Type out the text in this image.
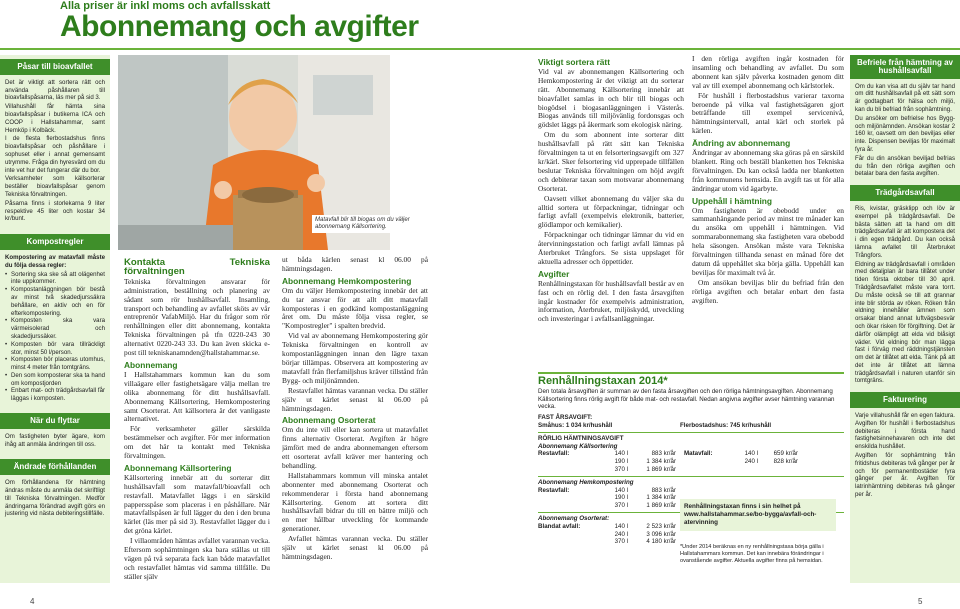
Alla priser är inkl moms och avfallsskatt
Abonnemang och avgifter
Påsar till bioavfallet

Det är viktigt att sortera rätt och använda påshållaren till bioavfallspåsarna, läs mer på sid 3.

Villahushåll får hämta sina bioavfallspåsar i butikerna ICA och COOP i Hallstahammar, samt Hemköp i Kolbäck.

I de flesta flerbostadshus finns bioavfallspåsar och påshållare i sophuset eller i annat gemensamt utrymme. Fråga din hyresvärd om du inte vet hur det fungerar där du bor.

Verksamheter som källsorterar beställer bioavfallspåsar genom Tekniska förvaltningen.

Påsarna finns i storlekarna 9 liter respektive 45 liter och kostar 34 kr/bunt.

Kompostregler

Kompostering av matavfall måste du följa dessa regler:

• Sortering ska ske så att olägenhet inte uppkommer.
• Kompostanläggningen bör bestå av minst två skadedjurssäkra behållare, en aktiv och en för efterkompostering.
• Komposten ska vara värmeisolerad och skadedjurssäker.
• Komposten bör vara tillräckligt stor, minst 50 l/person.
• Komposten bör placeras utomhus, minst 4 meter från tomtgräns.
• Den som komposterar ska ta hand om kompostjorden
• Enbart mat- och trädgårdsavfall får läggas i komposten.
När du flyttar

Om fastigheten byter ägare, kom ihåg att anmäla ändringen till oss.

Ändrade förhållanden

Om förhållandena för hämtning ändras måste du anmäla det skriftligt till Tekniska förvaltningen. Medför ändringarna förändrad avgift görs en justering vid nästa debiteringstillfälle.

Matavfall blir till biogas om du väljer abonnemang Källsortering.
Kontakta Tekniska förvaltningen

Tekniska förvaltningen ansvarar för administration, beställning och planering av sådant som rör hushållsavfall. Insamling, transport och behandling av avfallet sköts av vår entreprenör VafabMiljö. Har du frågor som rör renhållningen eller ditt abonnemang, kontakta Tekniska förvaltningen på tfn 0220-243 30 alternativt 0220-243 33. Du kan även skicka e-post till tekniskanamnden@hallstahammar.se.

Abonnemang

I Hallstahammars kommun kan du som villaägare eller fastighetsägare välja mellan tre olika abonnemang för ditt hushållsavfall. Abonnemang Källsortering, Hemkompostering samt Osorterat. Att källsortera är det vanligaste alternativet.

För verksamheter gäller särskilda bestämmelser och avgifter. För mer information om det här ta kontakt med Tekniska förvaltningen.

Abonnemang Källsortering

Källsortering innebär att du sorterar ditt hushållsavfall som matavfall/bioavfall och restavfall. Matavfallet läggs i en särskild pappersspåse som placeras i en påshållare. När matavfallspåsen är full lägger du den i den bruna kärlet (läs mer på sid 3). Restavfallet lägger du i det gröna kärlet.

I villaområden hämtas avfallet varannan vecka. Eftersom sophämtningen ska bara ställas ut till vägen på två separata fack kan både matavfallet och restavfallet hämtas vid samma tillfälle. Du ställer själv

ut båda kärlen senast kl 06.00 på hämtningsdagen.

Abonnemang Hemkompostering

Om du väljer Hemkompostering innebär det att du tar ansvar för att allt ditt matavfall komposteras i en godkänd kompostanläggning året om. Du måste följa vissa regler, se "Kompostregler" i spalten bredvid.

Vid val av abonnemang Hemkompostering gör Tekniska förvaltningen en kontroll av kompostanläggningen innan den lägre taxan börjar tillämpas. Observera att kompostering av matavfall från flerfamiljshus kräver tillstånd från Bygg- och miljönämnden.

Restavfallet hämtas varannan vecka. Du ställer själv ut kärlet senast kl 06.00 på hämtningsdagen.

Abonnemang Osorterat

Om du inte vill eller kan sortera ut matavfallet finns alternativ Osorterat. Avgiften är högre jämfört med de andra abonnemangen eftersom ett osorterat avfall kräver mer hantering och behandling.

Hallstahammars kommun vill minska antalet abonnenter med abonnemang Osorterat och rekommenderar i första hand abonnemang Källsortering. Genom att sortera ditt hushållsavfall bidrar du till en bättre miljö och en mer hållbar utveckling för kommande generationer.

Avfallet hämtas varannan vecka. Du ställer själv ut kärlet senast kl 06.00 på hämtningsdagen.

Viktigt sortera rätt

Vid val av abonnemangen Källsortering och Hemkompostering är det viktigt att du sorterar rätt. Abonnemang Källsortering innebär att bioavfallet samlas in och blir till biogas och biogödsel i biogasanläggningen i Västerås. Biogas används till miljövänlig fordonsgas och gödslet läggs på åkermark som ekologisk näring.

Om du som abonnent inte sorterar ditt hushållsavfall på rätt sätt kan Tekniska förvaltningen ta ut en felsorteringsavgift om 327 kr/kärl. Sker felsortering vid upprepade tillfällen beslutar Tekniska förvaltningen om höjd avgift och debiterar taxan som motsvarar abonnemang Osorterat.

Oavsett vilket abonnemang du väljer ska du alltid sortera ut förpackningar, tidningar och farligt avfall (exempelvis elektronik, batterier, glödlampor och kemikalier).

Förpackningar och tidningar lämnar du vid en återvinningsstation och farligt avfall lämnas på Återbruket Trångfors. Se sista uppslaget för aktuella adresser och öppettider.

Avgifter

Renhållningstaxan för hushållsavfall består av en fast och en rörlig del. I den fasta årsavgiften ingår kostnader för exempelvis administration, information, Återbruket, miljöskydd, utveckling och investeringar i avfallsanläggningar.

I den rörliga avgiften ingår kostnaden för insamling och behandling av avfallet. Du som abonnent kan själv påverka kostnaden genom ditt val av till exempel abonnemang och kärlstorlek.

För hushåll i flerbostadshus varierar taxorna beroende på vilka val fastighetsägaren gjort beträffande till exempel servicenivå, hämtningsintervall, antal kärl och storlek på kärlen.

Ändring av abonnemang

Ändringar av abonnemang ska göras på en särskild blankett. Ring och beställ blanketten hos Tekniska förvaltningen. Du kan också ladda ner blanketten från kommunens hemsida. En avgift tas ut för alla ändringar utom vid ägarbyte.

Uppehåll i hämtning

Om fastigheten är obebodd under en sammanhängande period av minst tre månader kan du ansöka om uppehåll i hämtningen. Vid sommarabonnemang ska fastigheten vara obebodd hela säsongen. Ansökan måste vara Tekniska förvaltningen tillhanda senast en månad före det datum då uppehållet ska börja gälla. Uppehåll kan beviljas för maximalt två år.

Om ansökan beviljas blir du befriad från den rörliga avgiften och betalar enbart den fasta avgiften.

Renhållningstaxan 2014*
Den totala årsavgiften är summan av den fasta årsavgiften och den rörliga hämtningsavgiften. Abonnemang Källsortering finns rörlig avgift för både mat- och restavfall. Nedan angivna avgifter avser hämtning varannan vecka.
FAST ÅRSAVGIFT:
Småhus: 1 034 kr/hushåll	Flerbostadshus: 745 kr/hushåll
RÖRLIG HÄMTNINGSAVGIFT
Abonnemang Källsortering
Restavfall:	140 l	883 kr/år	Matavfall:	140 l	659 kr/år
190 l	1 384 kr/år	240 l	828 kr/år
370 l	1 869 kr/år
Abonnemang Hemkompostering
Restavfall:	140 l	883 kr/år
190 l	1 384 kr/år
370 l	1 869 kr/år
Abonnemang Osorterat:
Blandat avfall:	140 l	2 523 kr/år
240 l	3 096 kr/år
370 l	4 180 kr/år
Renhållningstaxan finns i sin helhet på www.hallstahammar.se/bo-bygga/avfall-och-atervinning
*Under 2014 beräknas en ny renhållningstaxa börja gälla i Hallstahammars kommun. Det kan innebära förändringar i ovanstående avgifter. Aktuella avgifter finns på hemsidan.
Befriele från hämtning av hushållsavfall

Om du kan visa att du själv tar hand om ditt hushållsavfall på ett sätt som är godtagbart för hälsa och miljö, kan du bli befriad från sophämtning.

Du ansöker om befrielse hos Bygg- och miljönämnden. Ansökan kostar 2 160 kr, oavsett om den beviljas eller inte. Dispensen beviljas för maximalt fyra år.

Får du din ansökan beviljad befrias du från den rörliga avgiften och betalar bara den fasta avgiften.

Trädgårdsavfall

Ris, kvistar, gräsklipp och löv är exempel på trädgårdsavfall. De bästa sätten att ta hand om ditt trädgårdsavfall är att kompostera det i din egen trädgård. Du kan också lämna avfallet till Återbruket Trångfors.

Eldning av trädgårdsavfall i områden med detaljplan är bara tillåtet under tiden första oktober till 30 april. Trädgårdsavfallet måste vara torrt. Du måste också se till att grannar inte blir störda av röken. Röken från eldning innehåller ämnen som orsakar bland annat luftvägsbesvär och ökar risken för förgiftning. Det är därför olämpligt att elda vid blåsigt väder. Vid eldning bör man lägga fast i förväg med räddningstjänsten om det är tillåtet att elda. Tänk på att det inte är tillåtet att lämna trädgårdsavfall i naturen utanför sin tomtgräns.

Fakturering

Varje villahushåll får en egen faktura. Avgiften för hushåll i flerbostadshus debiteras i första hand fastighetsinnehavaren och inte det enskilda hushållet.

Avgiften för sophämtning från fritidshus debiteras två gånger per år och för permanentbostäder fyra gånger per år. Avgiften för latrinhämtning debiteras två gånger per år.

4	5
